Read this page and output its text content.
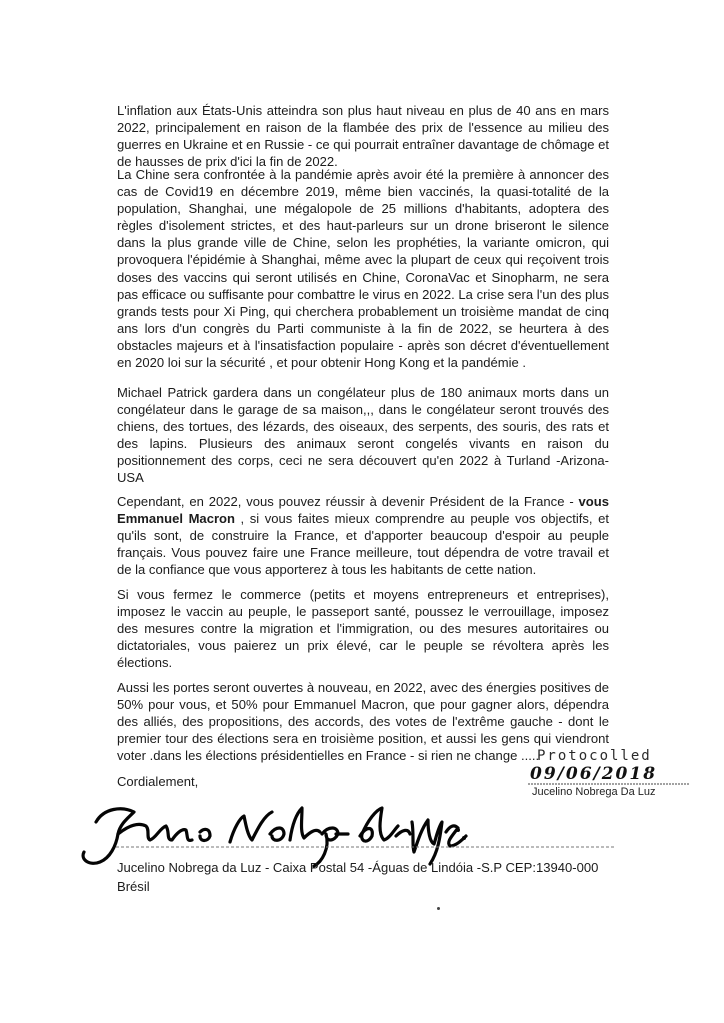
L'inflation aux États-Unis atteindra son plus haut niveau en plus de 40 ans en mars 2022, principalement en raison de la flambée des prix de l'essence au milieu des guerres en Ukraine et en Russie - ce qui pourrait entraîner davantage de chômage et de hausses de prix d'ici la fin de 2022.

La Chine sera confrontée à la pandémie après avoir été la première à annoncer des cas de Covid19 en décembre 2019, même bien vaccinés, la quasi-totalité de la population, Shanghai, une mégalopole de 25 millions d'habitants, adoptera des règles d'isolement strictes, et des haut-parleurs sur un drone briseront le silence dans la plus grande ville de Chine, selon les prophéties, la variante omicron, qui provoquera l'épidémie à Shanghai, même avec la plupart de ceux qui reçoivent trois doses des vaccins qui seront utilisés en Chine, CoronaVac et Sinopharm, ne sera pas efficace ou suffisante pour combattre le virus en 2022. La crise sera l'un des plus grands tests pour Xi Ping, qui cherchera probablement un troisième mandat de cinq ans lors d'un congrès du Parti communiste à la fin de 2022, se heurtera à des obstacles majeurs et à l'insatisfaction populaire - après son décret d'éventuellement en 2020 loi sur la sécurité , et pour obtenir Hong Kong et la pandémie .

Michael Patrick gardera dans un congélateur plus de 180 animaux morts dans un congélateur dans le garage de sa maison,,, dans le congélateur seront trouvés des chiens, des tortues, des lézards, des oiseaux, des serpents, des souris, des rats et des lapins. Plusieurs des animaux seront congelés vivants en raison du positionnement des corps, ceci ne sera découvert qu'en 2022 à Turland -Arizona- USA

Cependant, en 2022, vous pouvez réussir à devenir Président de la France - vous Emmanuel Macron , si vous faites mieux comprendre au peuple vos objectifs, et qu'ils sont, de construire la France, et d'apporter beaucoup d'espoir au peuple français. Vous pouvez faire une France meilleure, tout dépendra de votre travail et de la confiance que vous apporterez à tous les habitants de cette nation.

Si vous fermez le commerce (petits et moyens entrepreneurs et entreprises), imposez le vaccin au peuple, le passeport santé, poussez le verrouillage, imposez des mesures contre la migration et l'immigration, ou des mesures autoritaires ou dictatoriales, vous paierez un prix élevé, car le peuple se révoltera après les élections.

Aussi les portes seront ouvertes à nouveau, en 2022, avec des énergies positives de 50% pour vous, et 50% pour Emmanuel Macron, que pour gagner alors, dépendra des alliés, des propositions, des accords, des votes de l'extrême gauche - dont le premier tour des élections sera en troisième position, et aussi les gens qui viendront voter .dans les élections présidentielles en France - si rien ne change .....

Cordialement,

Protocolled
09/06/2018
Jucelino Nobrega Da Luz
Jucelino Nobrega da Luz - Caixa Postal 54 -Águas de Lindóia -S.P CEP:13940-000
Brésil
